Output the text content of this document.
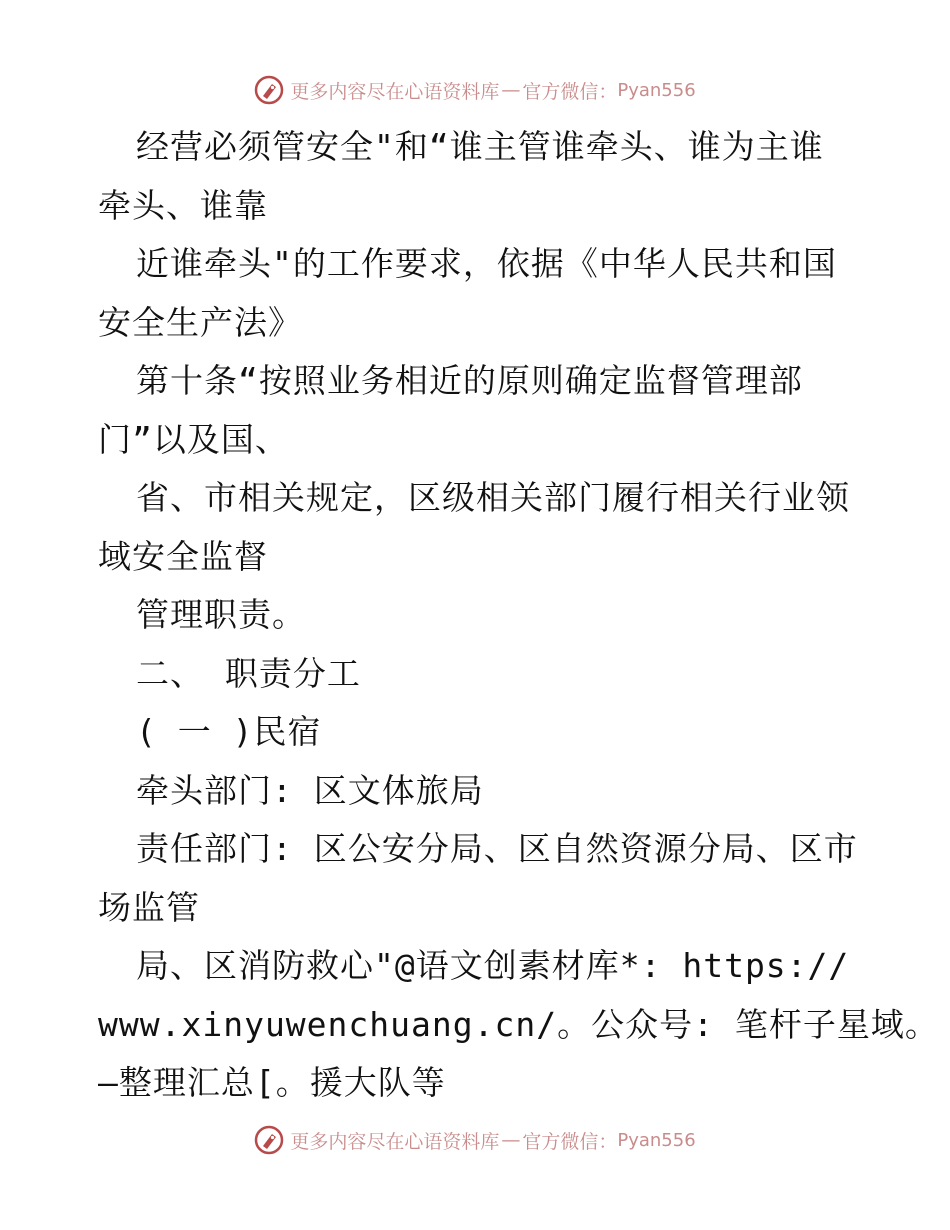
更多内容尽在心语资料库 — 官方微信： Pyan556
经营必须管安全"和“谁主管谁牵头、谁为主谁
牵头、谁靠
近谁牵头"的工作要求，依据《中华人民共和国
安全生产法》
第十条“按照业务相近的原则确定监督管理部
门”以及国、
省、市相关规定，区级相关部门履行相关行业领
域安全监督
管理职责。
二、 职责分工
( 一 )民宿
牵头部门: 区文体旅局
责任部门: 区公安分局、区自然资源分局、区市
场监管
局、区消防救心"@语文创素材库*: https://
www.xinyuwenchuang.cn/。公众号: 笔杆子星域。
—整理汇总[。援大队等
更多内容尽在心语资料库 — 官方微信： Pyan556
